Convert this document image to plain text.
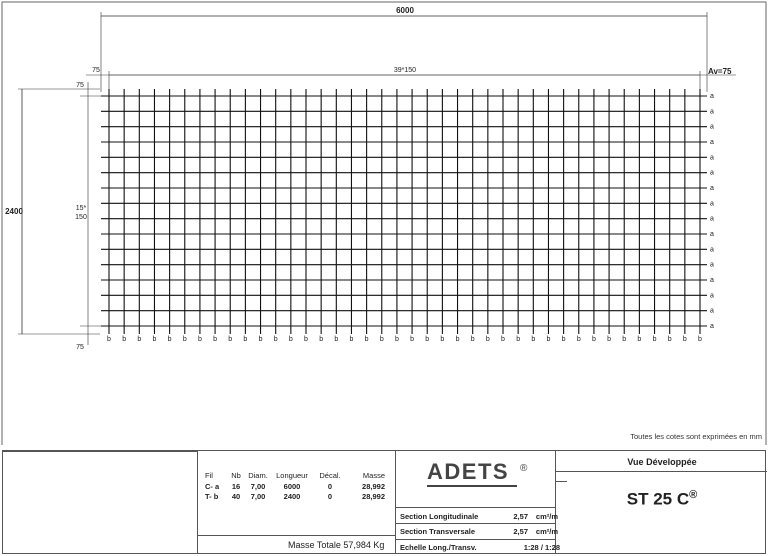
6000
39*150
75	Av=75
2400
75
15*
150
75
a
a
a
a
a
a
a
a
a
a
a
a
a
a
a
a
b b b b b b b b b b b b b b b b b b b b b b b b b b b b b b b b b b b b b b b b
Toutes les cotes sont exprimées en mm
Fil	Nb Diam.	Longueur	Décal.	Masse
C- a	16	7,00	6000	0	28,992
T- b	40	7,00	2400	0	28,992
Masse Totale 57,984 Kg
ADETS ®
Section Longitudinale	2,57	cm²/m
Section Transversale	2,57	cm²/m
Echelle Long./Transv.	1:28 / 1:28
Vue Développée
ST 25 C®
